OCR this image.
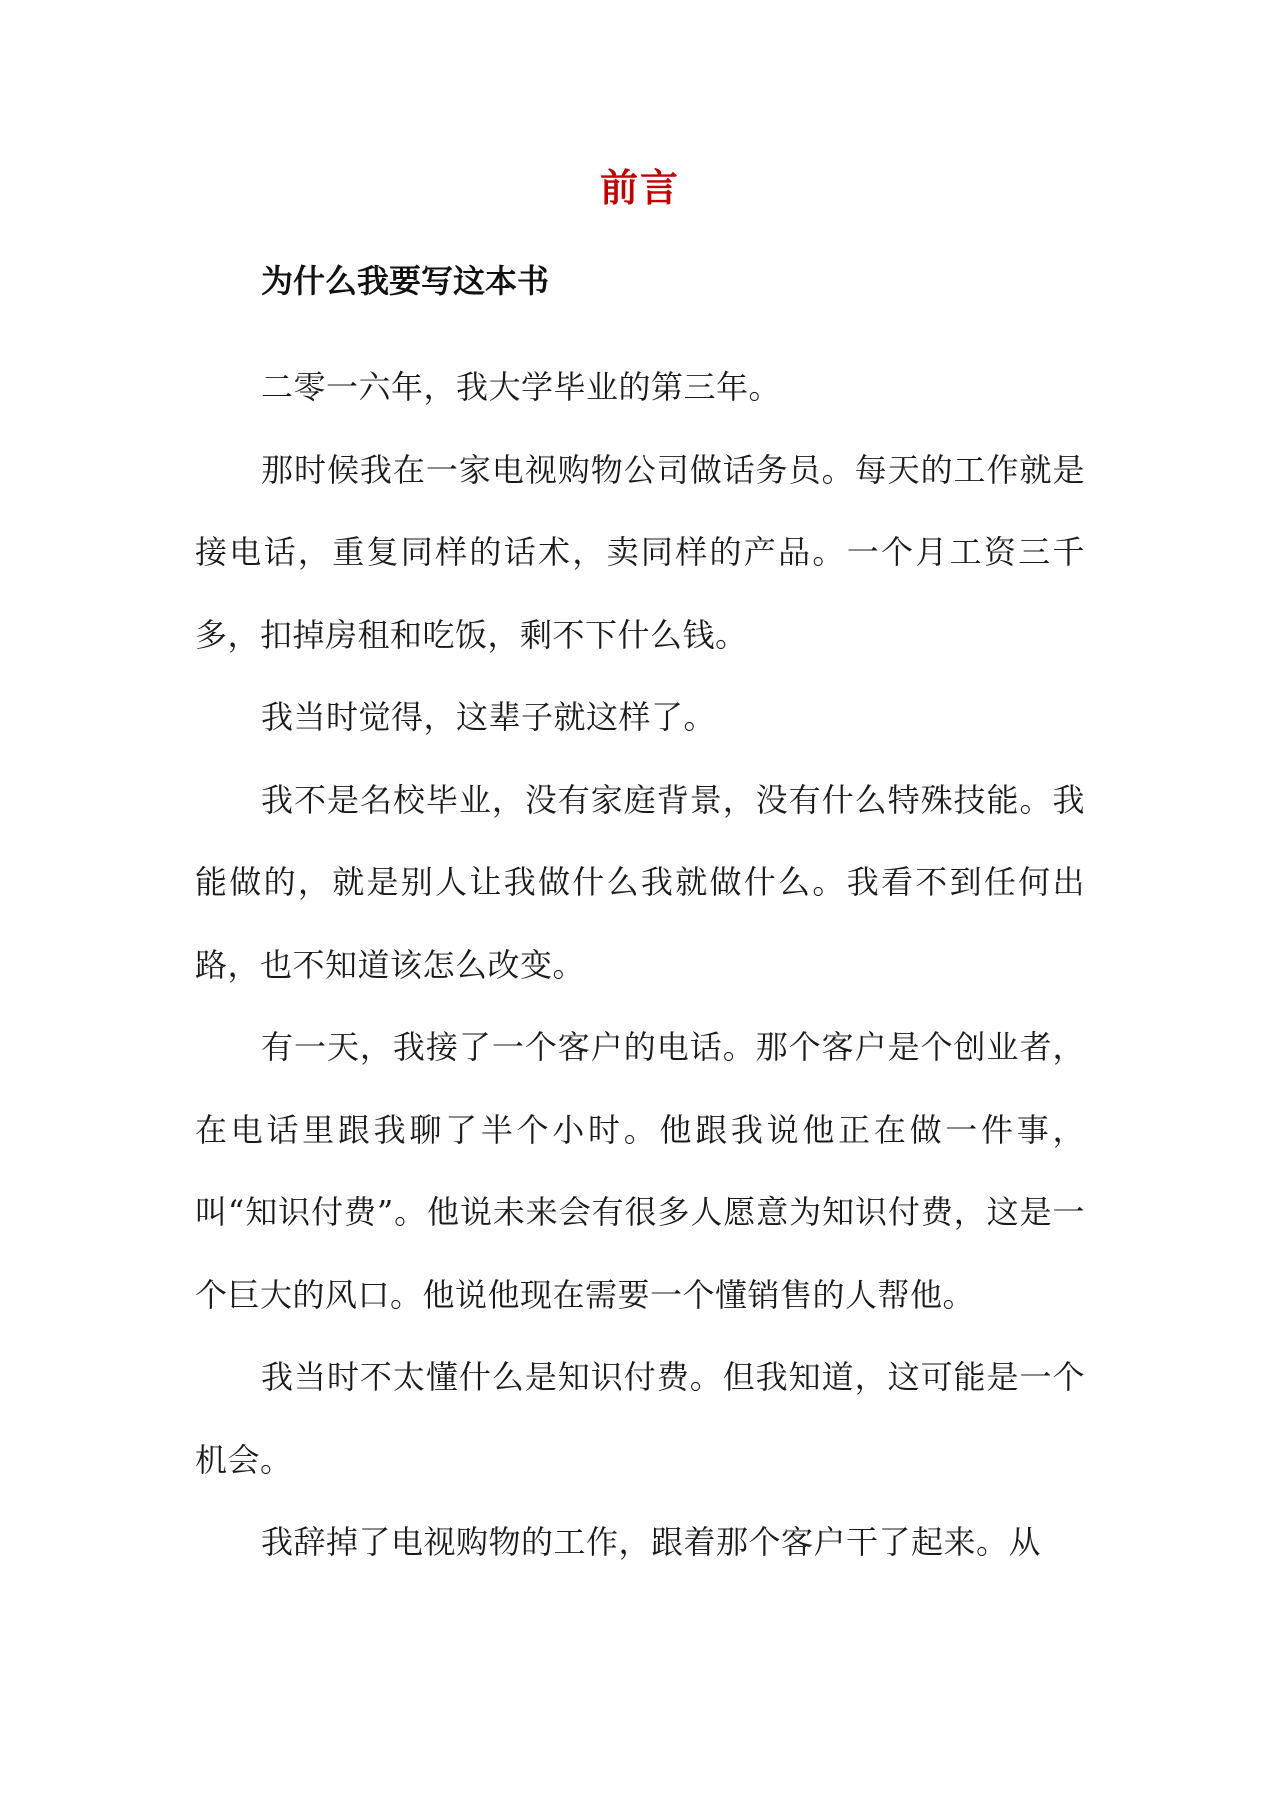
前言
为什么我要写这本书

二零一六年，我大学毕业的第三年。

那时候我在一家电视购物公司做话务员。每天的工作就是接电话，重复同样的话术，卖同样的产品。一个月工资三千多，扣掉房租和吃饭，剩不下什么钱。

我当时觉得，这辈子就这样了。

我不是名校毕业，没有家庭背景，没有什么特殊技能。我能做的，就是别人让我做什么我就做什么。我看不到任何出路，也不知道该怎么改变。

有一天，我接了一个客户的电话。那个客户是个创业者，在电话里跟我聊了半个小时。他跟我说他正在做一件事，叫“知识付费”。他说未来会有很多人愿意为知识付费，这是一个巨大的风口。他说他现在需要一个懂销售的人帮他。

我当时不太懂什么是知识付费。但我知道，这可能是一个机会。

我辞掉了电视购物的工作，跟着那个客户干了起来。从
